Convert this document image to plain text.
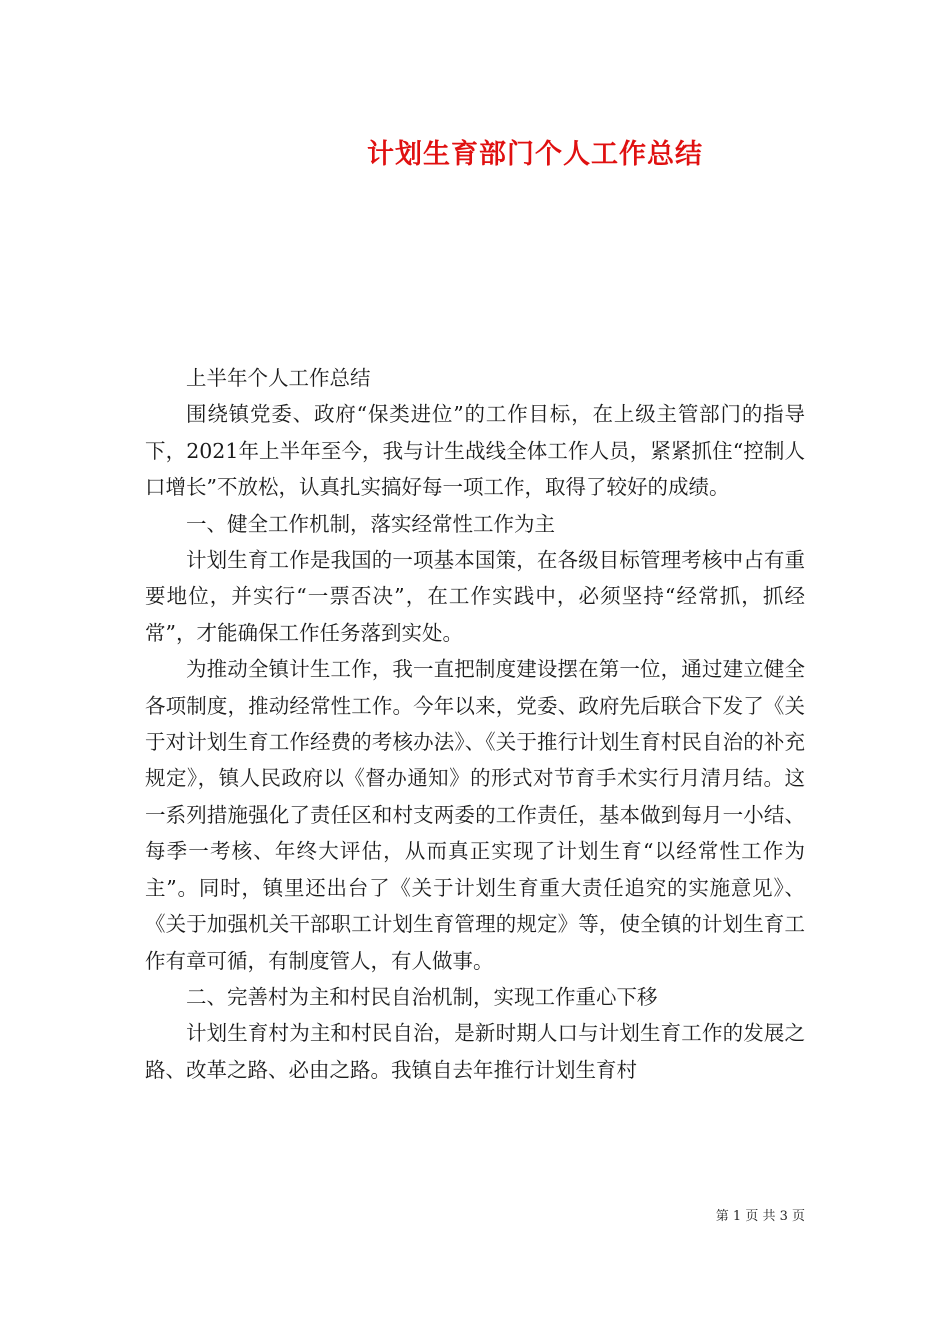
计划生育部门个人工作总结

上半年个人工作总结

围绕镇党委、政府“保类进位”的工作目标，在上级主管部门的指导下，2021年上半年至今，我与计生战线全体工作人员，紧紧抓住“控制人口增长”不放松，认真扎实搞好每一项工作，取得了较好的成绩。

一、健全工作机制，落实经常性工作为主

计划生育工作是我国的一项基本国策，在各级目标管理考核中占有重要地位，并实行“一票否决”，在工作实践中，必须坚持“经常抓，抓经常”，才能确保工作任务落到实处。

为推动全镇计生工作，我一直把制度建设摆在第一位，通过建立健全各项制度，推动经常性工作。今年以来，党委、政府先后联合下发了《关于对计划生育工作经费的考核办法》、《关于推行计划生育村民自治的补充规定》，镇人民政府以《督办通知》的形式对节育手术实行月清月结。这一系列措施强化了责任区和村支两委的工作责任，基本做到每月一小结、每季一考核、年终大评估，从而真正实现了计划生育“以经常性工作为主”。同时，镇里还出台了《关于计划生育重大责任追究的实施意见》、《关于加强机关干部职工计划生育管理的规定》等，使全镇的计划生育工作有章可循，有制度管人，有人做事。

二、完善村为主和村民自治机制，实现工作重心下移

计划生育村为主和村民自治，是新时期人口与计划生育工作的发展之路、改革之路、必由之路。我镇自去年推行计划生育村

第 1 页 共 3 页
